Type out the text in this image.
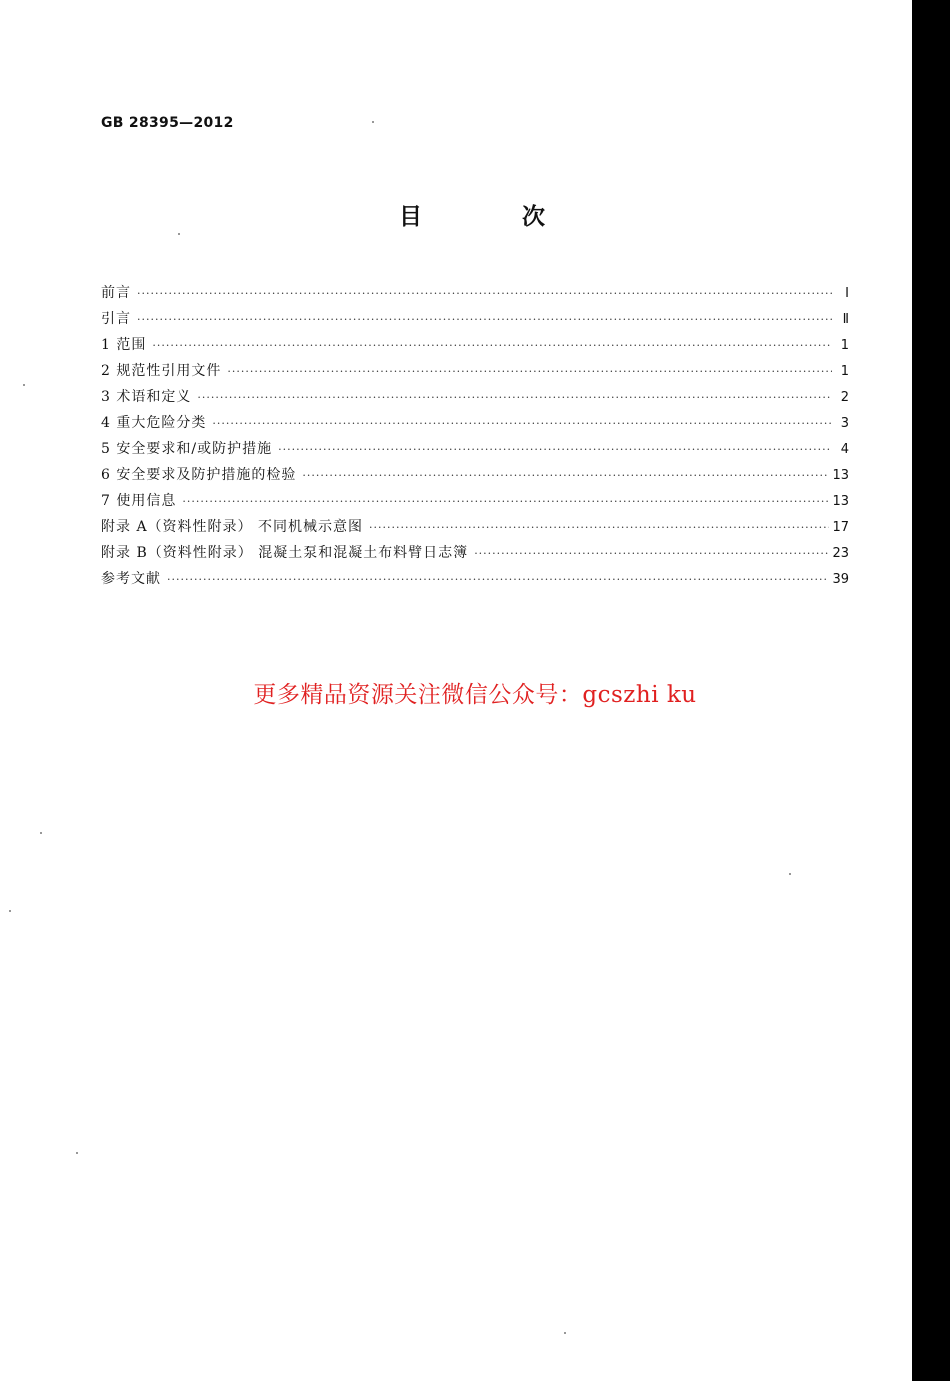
GB 28395—2012
目 次
前言 ·····	Ⅰ
引言 ·····	Ⅱ
1 范围 ·····	1
2 规范性引用文件 ·····	1
3 术语和定义 ·····	2
4 重大危险分类 ·····	3
5 安全要求和/或防护措施 ·····	4
6 安全要求及防护措施的检验 ·····	13
7 使用信息 ·····	13
附录 A（资料性附录） 不同机械示意图 ·····	17
附录 B（资料性附录） 混凝土泵和混凝土布料臂日志簿 ·····	23
参考文献 ·····	39
更多精品资源关注微信公众号：gcszhi ku
